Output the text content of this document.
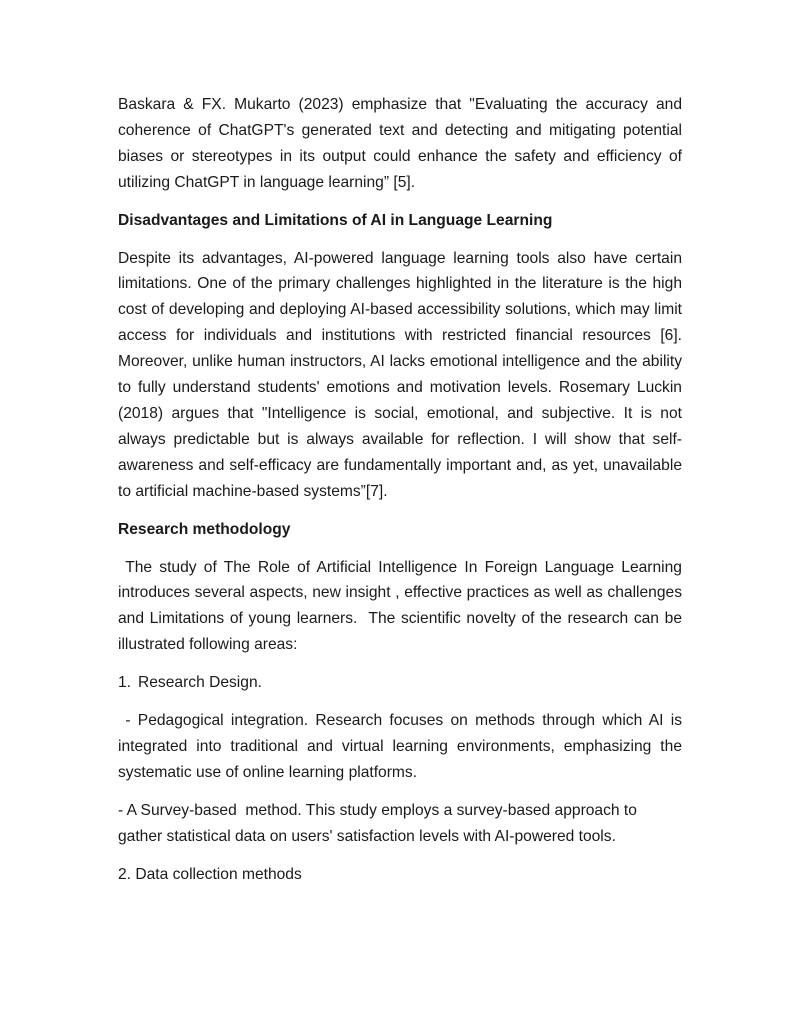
Baskara & FX. Mukarto (2023) emphasize that "Evaluating the accuracy and coherence of ChatGPT's generated text and detecting and mitigating potential biases or stereotypes in its output could enhance the safety and efficiency of utilizing ChatGPT in language learning” [5].

Disadvantages and Limitations of AI in Language Learning

Despite its advantages, AI-powered language learning tools also have certain limitations. One of the primary challenges highlighted in the literature is the high cost of developing and deploying AI-based accessibility solutions, which may limit access for individuals and institutions with restricted financial resources [6]. Moreover, unlike human instructors, AI lacks emotional intelligence and the ability to fully understand students' emotions and motivation levels. Rosemary Luckin (2018) argues that "Intelligence is social, emotional, and subjective. It is not always predictable but is always available for reflection. I will show that self-awareness and self-efficacy are fundamentally important and, as yet, unavailable to artificial machine-based systems”[7].

Research methodology

The study of The Role of Artificial Intelligence In Foreign Language Learning introduces several aspects, new insight , effective practices as well as challenges and Limitations of young learners.  The scientific novelty of the research can be illustrated following areas:

1. Research Design.

- Pedagogical integration. Research focuses on methods through which AI is integrated into traditional and virtual learning environments, emphasizing the systematic use of online learning platforms.

- A Survey-based  method. This study employs a survey-based approach to gather statistical data on users' satisfaction levels with AI-powered tools.

2. Data collection methods
